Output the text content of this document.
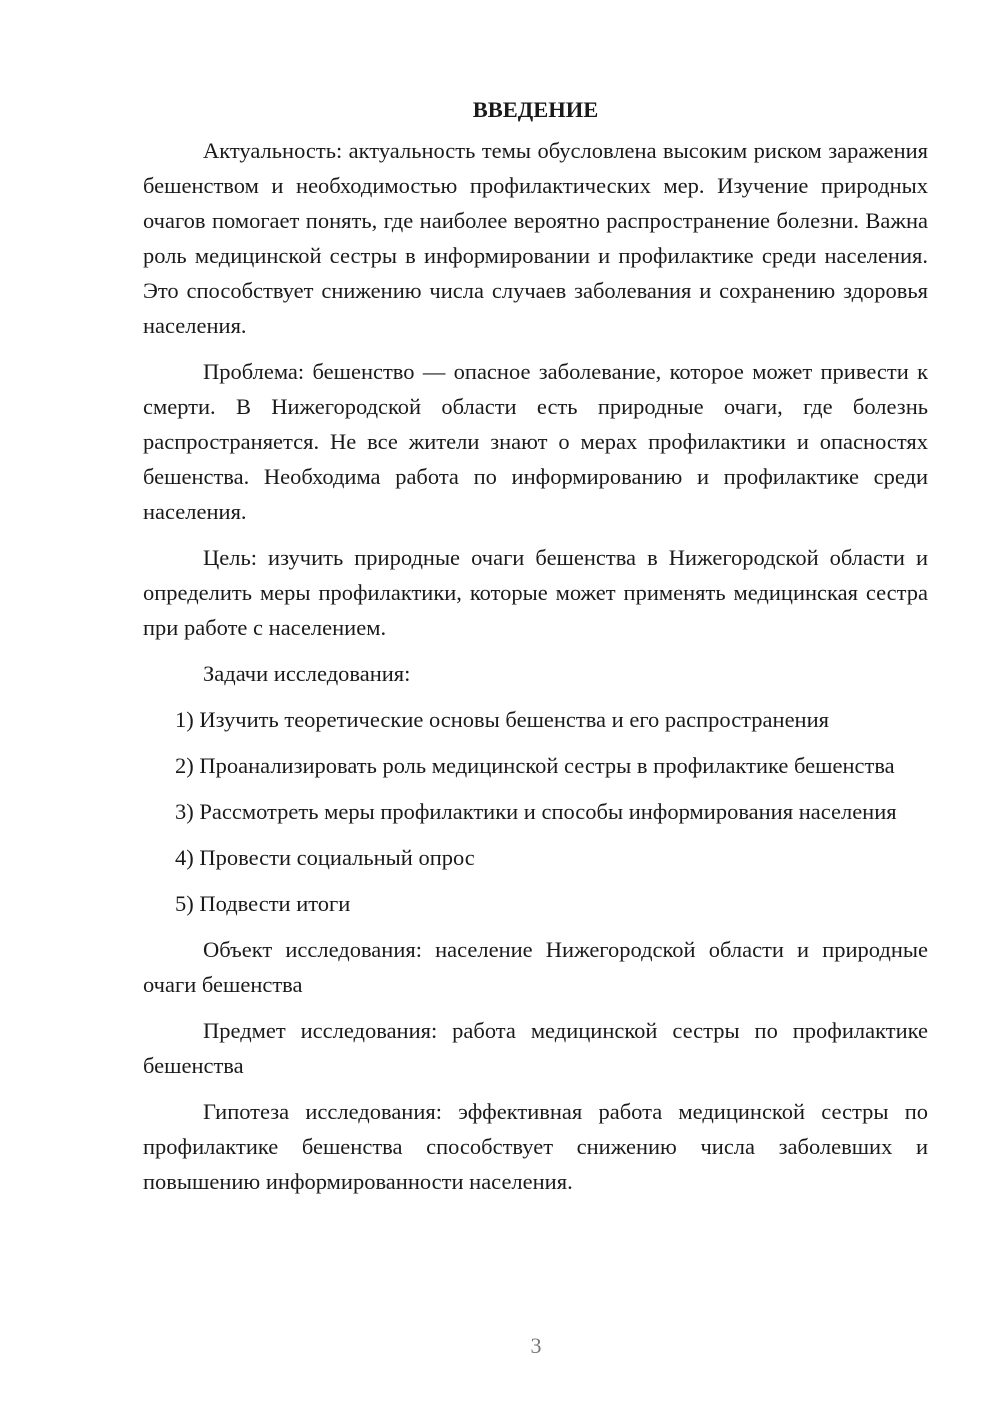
ВВЕДЕНИЕ

Актуальность: актуальность темы обусловлена высоким риском заражения бешенством и необходимостью профилактических мер. Изучение природных очагов помогает понять, где наиболее вероятно распространение болезни. Важна роль медицинской сестры в информировании и профилактике среди населения. Это способствует снижению числа случаев заболевания и сохранению здоровья населения.

Проблема: бешенство — опасное заболевание, которое может привести к смерти. В Нижегородской области есть природные очаги, где болезнь распространяется. Не все жители знают о мерах профилактики и опасностях бешенства. Необходима работа по информированию и профилактике среди населения.

Цель: изучить природные очаги бешенства в Нижегородской области и определить меры профилактики, которые может применять медицинская сестра при работе с населением.

Задачи исследования:

1) Изучить теоретические основы бешенства и его распространения

2) Проанализировать роль медицинской сестры в профилактике бешенства

3) Рассмотреть меры профилактики и способы информирования населения

4) Провести социальный опрос

5) Подвести итоги

Объект исследования: население Нижегородской области и природные очаги бешенства

Предмет исследования: работа медицинской сестры по профилактике бешенства

Гипотеза исследования: эффективная работа медицинской сестры по профилактике бешенства способствует снижению числа заболевших и повышению информированности населения.

3
